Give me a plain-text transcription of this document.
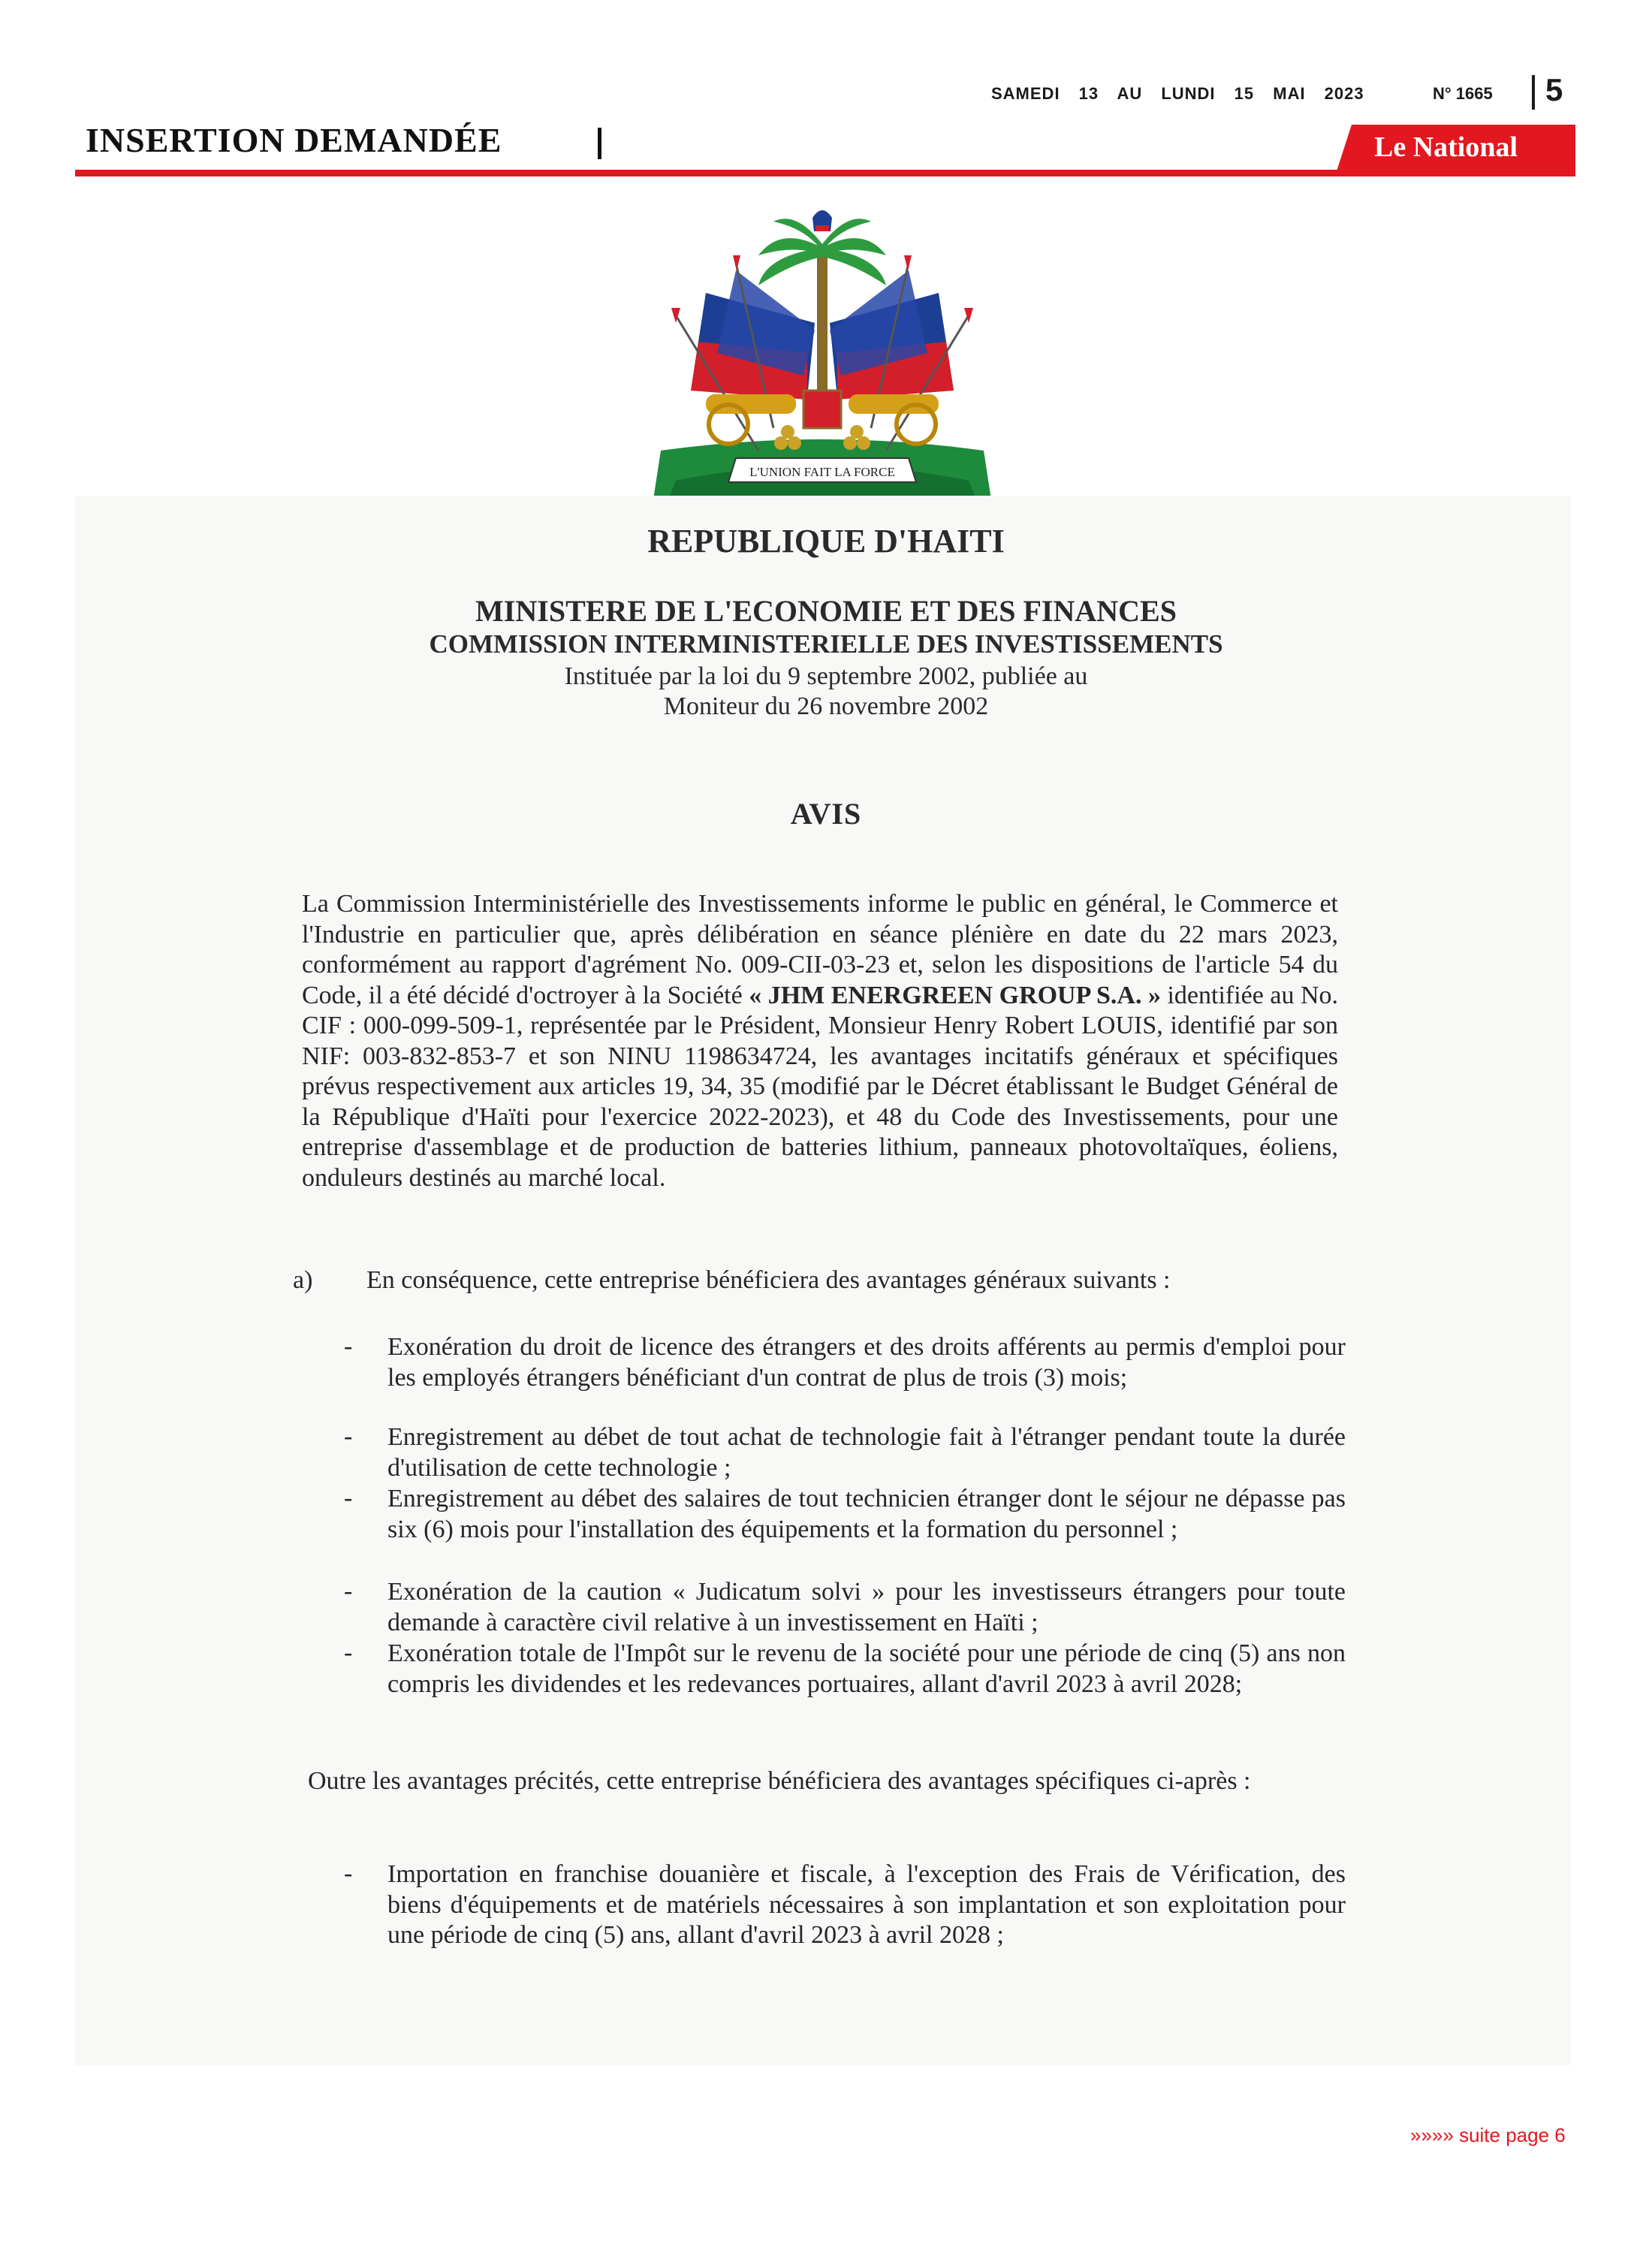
SAMEDI 13 AU LUNDI 15 MAI 2023	N° 1665 5
INSERTION DEMANDÉE	Le National
L'UNION FAIT LA FORCE
REPUBLIQUE D'HAITI
MINISTERE DE L'ECONOMIE ET DES FINANCES
COMMISSION INTERMINISTERIELLE DES INVESTISSEMENTS
Instituée par la loi du 9 septembre 2002, publiée au
Moniteur du 26 novembre 2002
AVIS
La Commission Interministérielle des Investissements informe le public en général, le Commerce et l'Industrie en particulier que, après délibération en séance plénière en date du 22 mars 2023, conformément au rapport d'agrément No. 009-CII-03-23 et, selon les dispositions de l'article 54 du Code, il a été décidé d'octroyer à la Société « JHM ENERGREEN GROUP S.A. » identifiée au No. CIF : 000-099-509-1, représentée par le Président, Monsieur Henry Robert LOUIS, identifié par son NIF: 003-832-853-7 et son NINU 1198634724, les avantages incitatifs généraux et spécifiques prévus respectivement aux articles 19, 34, 35 (modifié par le Décret établissant le Budget Général de la République d'Haïti pour l'exercice 2022-2023), et 48 du Code des Investissements, pour une entreprise d'assemblage et de production de batteries lithium, panneaux photovoltaïques, éoliens, onduleurs destinés au marché local.
a) En conséquence, cette entreprise bénéficiera des avantages généraux suivants :
- Exonération du droit de licence des étrangers et des droits afférents au permis d'emploi pour les employés étrangers bénéficiant d'un contrat de plus de trois (3) mois;
- Enregistrement au débet de tout achat de technologie fait à l'étranger pendant toute la durée d'utilisation de cette technologie ;
- Enregistrement au débet des salaires de tout technicien étranger dont le séjour ne dépasse pas six (6) mois pour l'installation des équipements et la formation du personnel ;
- Exonération de la caution « Judicatum solvi » pour les investisseurs étrangers pour toute demande à caractère civil relative à un investissement en Haïti ;
- Exonération totale de l'Impôt sur le revenu de la société pour une période de cinq (5) ans non compris les dividendes et les redevances portuaires, allant d'avril 2023 à avril 2028;
Outre les avantages précités, cette entreprise bénéficiera des avantages spécifiques ci-après :
- Importation en franchise douanière et fiscale, à l'exception des Frais de Vérification, des biens d'équipements et de matériels nécessaires à son implantation et son exploitation pour une période de cinq (5) ans, allant d'avril 2023 à avril 2028 ;
»»»» suite page 6
